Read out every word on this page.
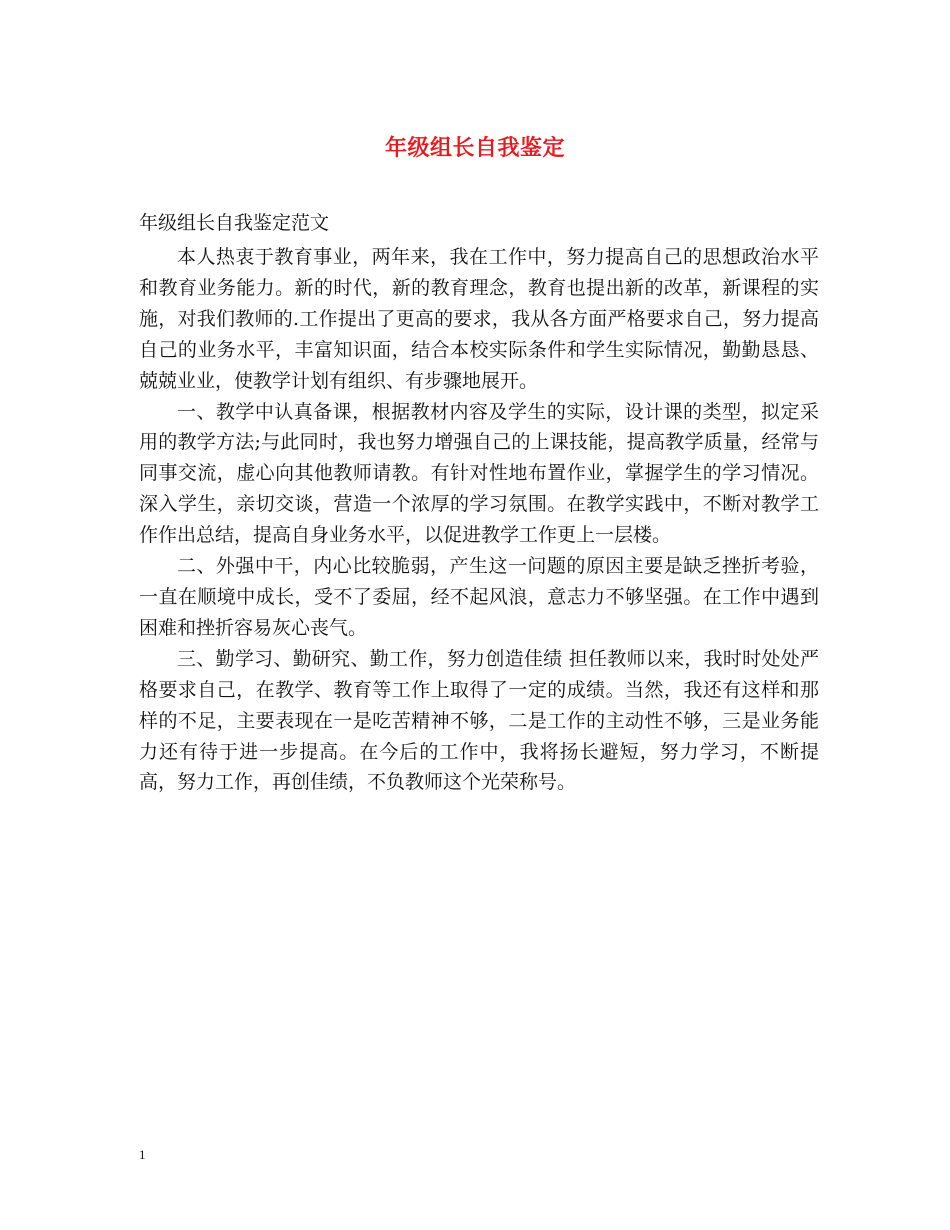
年级组长自我鉴定
年级组长自我鉴定范文

本人热衷于教育事业，两年来，我在工作中，努力提高自己的思想政治水平和教育业务能力。新的时代，新的教育理念，教育也提出新的改革，新课程的实施，对我们教师的.工作提出了更高的要求，我从各方面严格要求自己，努力提高自己的业务水平，丰富知识面，结合本校实际条件和学生实际情况，勤勤恳恳、兢兢业业，使教学计划有组织、有步骤地展开。

一、教学中认真备课，根据教材内容及学生的实际，设计课的类型，拟定采用的教学方法;与此同时，我也努力增强自己的上课技能，提高教学质量，经常与同事交流，虚心向其他教师请教。有针对性地布置作业，掌握学生的学习情况。深入学生，亲切交谈，营造一个浓厚的学习氛围。在教学实践中，不断对教学工作作出总结，提高自身业务水平，以促进教学工作更上一层楼。

二、外强中干，内心比较脆弱，产生这一问题的原因主要是缺乏挫折考验，一直在顺境中成长，受不了委屈，经不起风浪，意志力不够坚强。在工作中遇到困难和挫折容易灰心丧气。

三、勤学习、勤研究、勤工作，努力创造佳绩 担任教师以来，我时时处处严格要求自己，在教学、教育等工作上取得了一定的成绩。当然，我还有这样和那样的不足，主要表现在一是吃苦精神不够，二是工作的主动性不够，三是业务能力还有待于进一步提高。在今后的工作中，我将扬长避短，努力学习，不断提高，努力工作，再创佳绩，不负教师这个光荣称号。

1
